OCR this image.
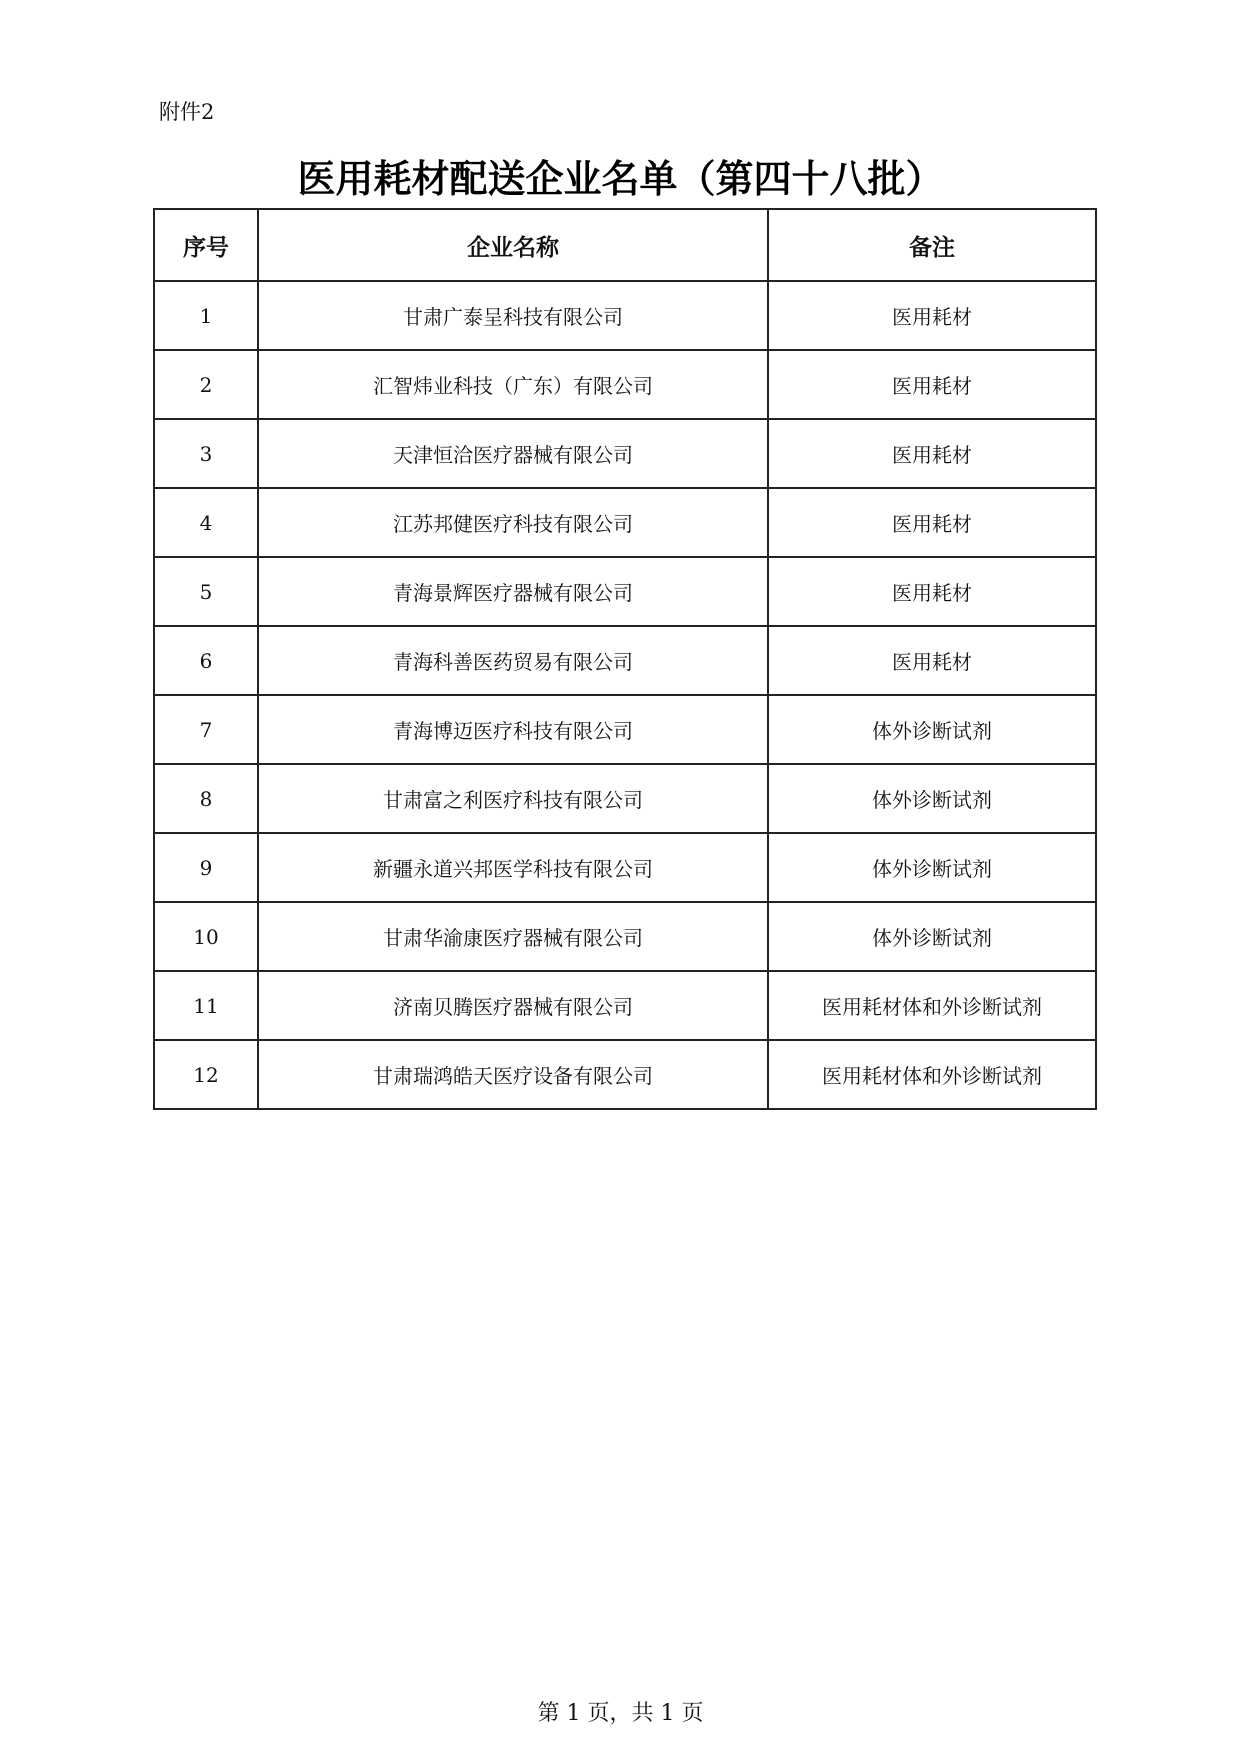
附件2
医用耗材配送企业名单（第四十八批）
序号	企业名称	备注
1	甘肃广泰呈科技有限公司	医用耗材
2	汇智炜业科技（广东）有限公司	医用耗材
3	天津恒洽医疗器械有限公司	医用耗材
4	江苏邦健医疗科技有限公司	医用耗材
5	青海景辉医疗器械有限公司	医用耗材
6	青海科善医药贸易有限公司	医用耗材
7	青海博迈医疗科技有限公司	体外诊断试剂
8	甘肃富之利医疗科技有限公司	体外诊断试剂
9	新疆永道兴邦医学科技有限公司	体外诊断试剂
10	甘肃华渝康医疗器械有限公司	体外诊断试剂
11	济南贝腾医疗器械有限公司	医用耗材体和外诊断试剂
12	甘肃瑞鸿皓天医疗设备有限公司	医用耗材体和外诊断试剂
第 1 页，共 1 页
